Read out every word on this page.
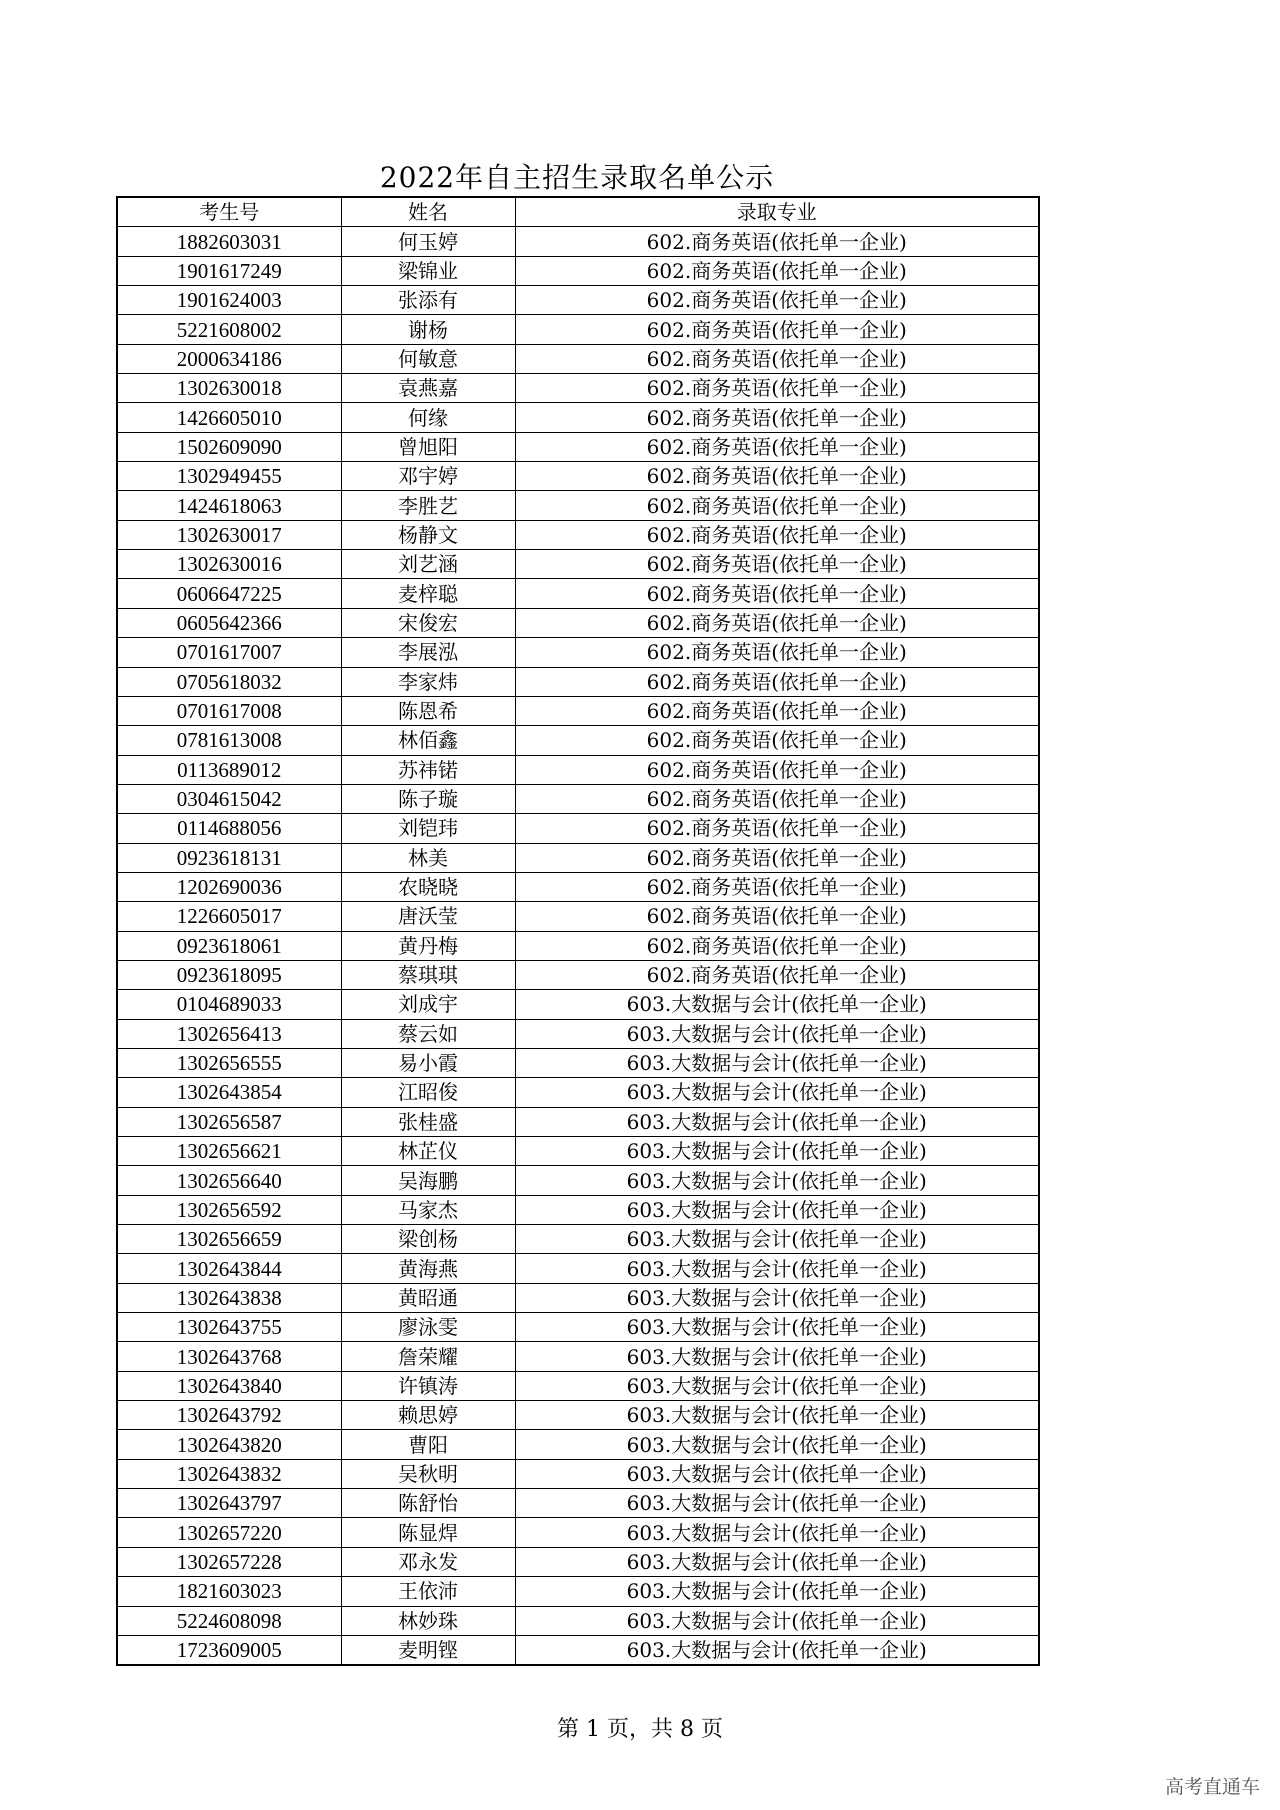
2022年自主招生录取名单公示
考生号	姓名	录取专业
1882603031	何玉婷	602.商务英语(依托单一企业)
1901617249	梁锦业	602.商务英语(依托单一企业)
1901624003	张添有	602.商务英语(依托单一企业)
5221608002	谢杨	602.商务英语(依托单一企业)
2000634186	何敏意	602.商务英语(依托单一企业)
1302630018	袁燕嘉	602.商务英语(依托单一企业)
1426605010	何缘	602.商务英语(依托单一企业)
1502609090	曾旭阳	602.商务英语(依托单一企业)
1302949455	邓宇婷	602.商务英语(依托单一企业)
1424618063	李胜艺	602.商务英语(依托单一企业)
1302630017	杨静文	602.商务英语(依托单一企业)
1302630016	刘艺涵	602.商务英语(依托单一企业)
0606647225	麦梓聪	602.商务英语(依托单一企业)
0605642366	宋俊宏	602.商务英语(依托单一企业)
0701617007	李展泓	602.商务英语(依托单一企业)
0705618032	李家炜	602.商务英语(依托单一企业)
0701617008	陈恩希	602.商务英语(依托单一企业)
0781613008	林佰鑫	602.商务英语(依托单一企业)
0113689012	苏祎锘	602.商务英语(依托单一企业)
0304615042	陈子璇	602.商务英语(依托单一企业)
0114688056	刘铠玮	602.商务英语(依托单一企业)
0923618131	林美	602.商务英语(依托单一企业)
1202690036	农晓晓	602.商务英语(依托单一企业)
1226605017	唐沃莹	602.商务英语(依托单一企业)
0923618061	黄丹梅	602.商务英语(依托单一企业)
0923618095	蔡琪琪	602.商务英语(依托单一企业)
0104689033	刘成宇	603.大数据与会计(依托单一企业)
1302656413	蔡云如	603.大数据与会计(依托单一企业)
1302656555	易小霞	603.大数据与会计(依托单一企业)
1302643854	江昭俊	603.大数据与会计(依托单一企业)
1302656587	张桂盛	603.大数据与会计(依托单一企业)
1302656621	林芷仪	603.大数据与会计(依托单一企业)
1302656640	吴海鹏	603.大数据与会计(依托单一企业)
1302656592	马家杰	603.大数据与会计(依托单一企业)
1302656659	梁创杨	603.大数据与会计(依托单一企业)
1302643844	黄海燕	603.大数据与会计(依托单一企业)
1302643838	黄昭通	603.大数据与会计(依托单一企业)
1302643755	廖泳雯	603.大数据与会计(依托单一企业)
1302643768	詹荣耀	603.大数据与会计(依托单一企业)
1302643840	许镇涛	603.大数据与会计(依托单一企业)
1302643792	赖思婷	603.大数据与会计(依托单一企业)
1302643820	曹阳	603.大数据与会计(依托单一企业)
1302643832	吴秋明	603.大数据与会计(依托单一企业)
1302643797	陈舒怡	603.大数据与会计(依托单一企业)
1302657220	陈显焊	603.大数据与会计(依托单一企业)
1302657228	邓永发	603.大数据与会计(依托单一企业)
1821603023	王依沛	603.大数据与会计(依托单一企业)
5224608098	林妙珠	603.大数据与会计(依托单一企业)
1723609005	麦明铿	603.大数据与会计(依托单一企业)
第 1 页，共 8 页
高考直通车
